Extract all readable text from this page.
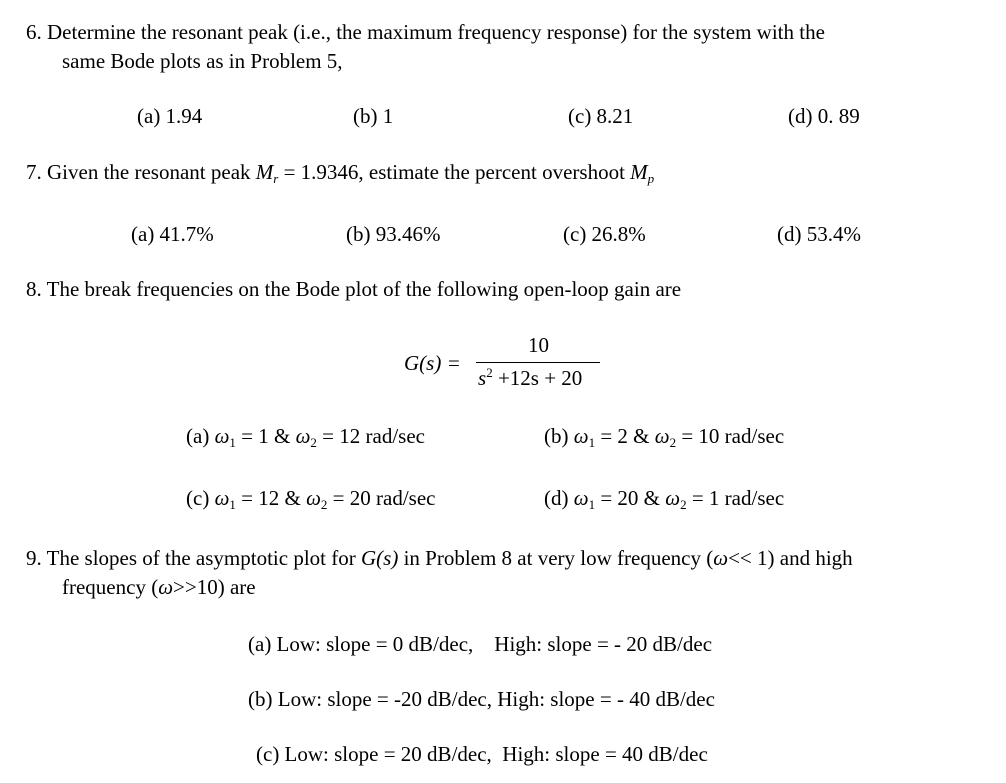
6. Determine the resonant peak (i.e., the maximum frequency response) for the system with the
same Bode plots as in Problem 5,
(a) 1.94	(b) 1	(c) 8.21	(d) 0. 89
7. Given the resonant peak $M_r = 1.9346$, estimate the percent overshoot $M_p$
(a) 41.7%	(b) 93.46%	(c) 26.8%	(d) 53.4%
8. The break frequencies on the Bode plot of the following open-loop gain are
G(s) =
10
$s^2 +12s + 20$
(a) $\omega_1 = 1$ & $\omega_2 = 12$ rad/sec	(b) $\omega_1 = 2$ & $\omega_2 = 10$ rad/sec
(c) $\omega_1 = 12$ & $\omega_2 = 20$ rad/sec	(d) $\omega_1 = 20$ & $\omega_2 = 1$ rad/sec
9. The slopes of the asymptotic plot for G(s) in Problem 8 at very low frequency (ω<< 1) and high
frequency (ω>>10) are
(a) Low: slope = 0 dB/dec,    High: slope = - 20 dB/dec
(b) Low: slope = -20 dB/dec, High: slope = - 40 dB/dec
(c) Low: slope = 20 dB/dec,  High: slope = 40 dB/dec
